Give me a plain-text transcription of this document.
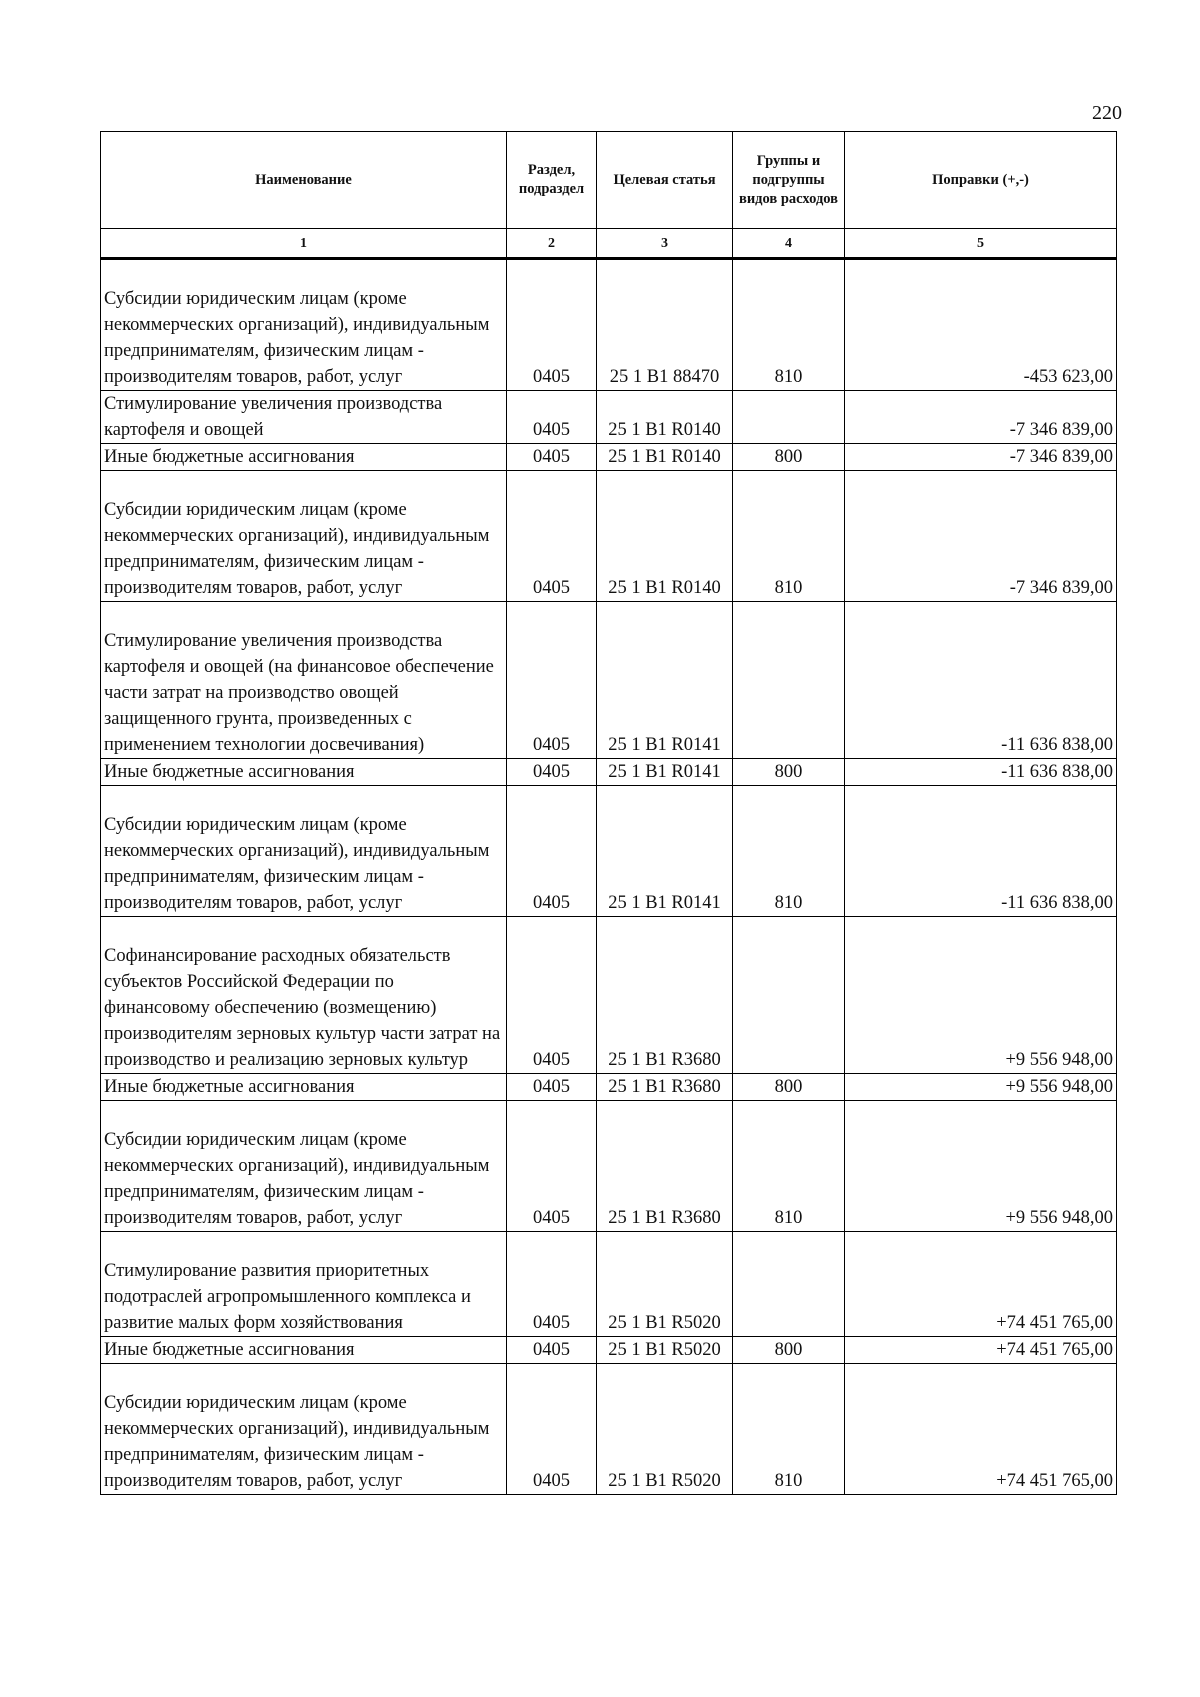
220
Наименование	Раздел, подраздел	Целевая статья	Группы и подгруппы видов расходов	Поправки (+,-)
1	2	3	4	5
Субсидии юридическим лицам (кроме некоммерческих организаций), индивидуальным предпринимателям, физическим лицам - производителям товаров, работ, услуг	0405	25 1 B1 88470	810	-453 623,00
Стимулирование увеличения производства картофеля и овощей	0405	25 1 B1 R0140		-7 346 839,00
Иные бюджетные ассигнования	0405	25 1 B1 R0140	800	-7 346 839,00
Субсидии юридическим лицам (кроме некоммерческих организаций), индивидуальным предпринимателям, физическим лицам - производителям товаров, работ, услуг	0405	25 1 B1 R0140	810	-7 346 839,00
Стимулирование увеличения производства картофеля и овощей (на финансовое обеспечение части затрат на производство овощей защищенного грунта, произведенных с применением технологии досвечивания)	0405	25 1 B1 R0141		-11 636 838,00
Иные бюджетные ассигнования	0405	25 1 B1 R0141	800	-11 636 838,00
Субсидии юридическим лицам (кроме некоммерческих организаций), индивидуальным предпринимателям, физическим лицам - производителям товаров, работ, услуг	0405	25 1 B1 R0141	810	-11 636 838,00
Софинансирование расходных обязательств субъектов Российской Федерации по финансовому обеспечению (возмещению) производителям зерновых культур части затрат на производство и реализацию зерновых культур	0405	25 1 B1 R3680		+9 556 948,00
Иные бюджетные ассигнования	0405	25 1 B1 R3680	800	+9 556 948,00
Субсидии юридическим лицам (кроме некоммерческих организаций), индивидуальным предпринимателям, физическим лицам - производителям товаров, работ, услуг	0405	25 1 B1 R3680	810	+9 556 948,00
Стимулирование развития приоритетных подотраслей агропромышленного комплекса и развитие малых форм хозяйствования	0405	25 1 B1 R5020		+74 451 765,00
Иные бюджетные ассигнования	0405	25 1 B1 R5020	800	+74 451 765,00
Субсидии юридическим лицам (кроме некоммерческих организаций), индивидуальным предпринимателям, физическим лицам - производителям товаров, работ, услуг	0405	25 1 B1 R5020	810	+74 451 765,00
